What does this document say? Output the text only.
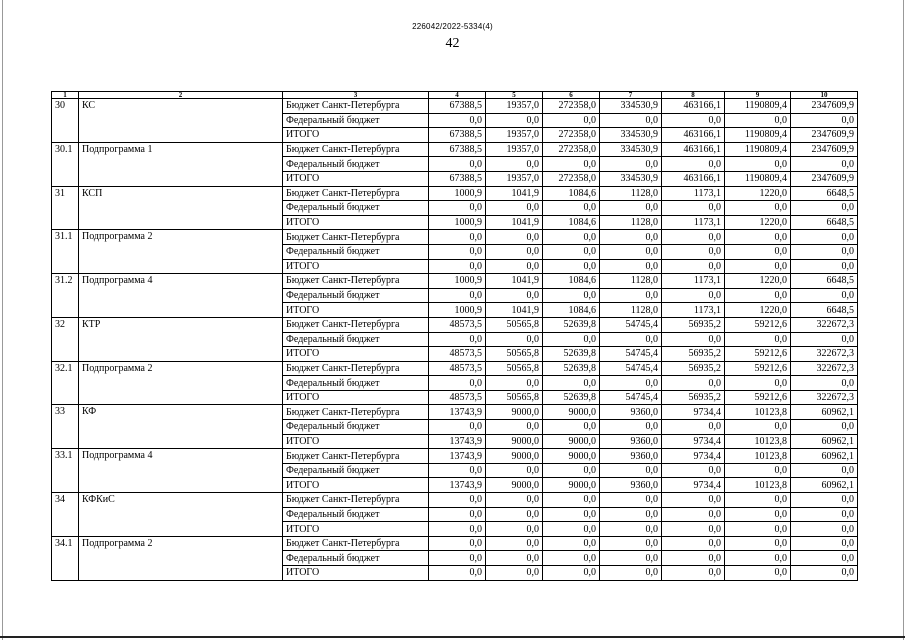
226042/2022-5334(4)
42
1	2	3	4	5	6	7	8	9	10
30	КС	Бюджет Санкт-Петербурга	67388,5	19357,0	272358,0	334530,9	463166,1	1190809,4	2347609,9
		Федеральный бюджет	0,0	0,0	0,0	0,0	0,0	0,0	0,0
		ИТОГО	67388,5	19357,0	272358,0	334530,9	463166,1	1190809,4	2347609,9
30.1	Подпрограмма 1	Бюджет Санкт-Петербурга	67388,5	19357,0	272358,0	334530,9	463166,1	1190809,4	2347609,9
		Федеральный бюджет	0,0	0,0	0,0	0,0	0,0	0,0	0,0
		ИТОГО	67388,5	19357,0	272358,0	334530,9	463166,1	1190809,4	2347609,9
31	КСП	Бюджет Санкт-Петербурга	1000,9	1041,9	1084,6	1128,0	1173,1	1220,0	6648,5
		Федеральный бюджет	0,0	0,0	0,0	0,0	0,0	0,0	0,0
		ИТОГО	1000,9	1041,9	1084,6	1128,0	1173,1	1220,0	6648,5
31.1	Подпрограмма 2	Бюджет Санкт-Петербурга	0,0	0,0	0,0	0,0	0,0	0,0	0,0
		Федеральный бюджет	0,0	0,0	0,0	0,0	0,0	0,0	0,0
		ИТОГО	0,0	0,0	0,0	0,0	0,0	0,0	0,0
31.2	Подпрограмма 4	Бюджет Санкт-Петербурга	1000,9	1041,9	1084,6	1128,0	1173,1	1220,0	6648,5
		Федеральный бюджет	0,0	0,0	0,0	0,0	0,0	0,0	0,0
		ИТОГО	1000,9	1041,9	1084,6	1128,0	1173,1	1220,0	6648,5
32	КТР	Бюджет Санкт-Петербурга	48573,5	50565,8	52639,8	54745,4	56935,2	59212,6	322672,3
		Федеральный бюджет	0,0	0,0	0,0	0,0	0,0	0,0	0,0
		ИТОГО	48573,5	50565,8	52639,8	54745,4	56935,2	59212,6	322672,3
32.1	Подпрограмма 2	Бюджет Санкт-Петербурга	48573,5	50565,8	52639,8	54745,4	56935,2	59212,6	322672,3
		Федеральный бюджет	0,0	0,0	0,0	0,0	0,0	0,0	0,0
		ИТОГО	48573,5	50565,8	52639,8	54745,4	56935,2	59212,6	322672,3
33	КФ	Бюджет Санкт-Петербурга	13743,9	9000,0	9000,0	9360,0	9734,4	10123,8	60962,1
		Федеральный бюджет	0,0	0,0	0,0	0,0	0,0	0,0	0,0
		ИТОГО	13743,9	9000,0	9000,0	9360,0	9734,4	10123,8	60962,1
33.1	Подпрограмма 4	Бюджет Санкт-Петербурга	13743,9	9000,0	9000,0	9360,0	9734,4	10123,8	60962,1
		Федеральный бюджет	0,0	0,0	0,0	0,0	0,0	0,0	0,0
		ИТОГО	13743,9	9000,0	9000,0	9360,0	9734,4	10123,8	60962,1
34	КФКиС	Бюджет Санкт-Петербурга	0,0	0,0	0,0	0,0	0,0	0,0	0,0
		Федеральный бюджет	0,0	0,0	0,0	0,0	0,0	0,0	0,0
		ИТОГО	0,0	0,0	0,0	0,0	0,0	0,0	0,0
34.1	Подпрограмма 2	Бюджет Санкт-Петербурга	0,0	0,0	0,0	0,0	0,0	0,0	0,0
		Федеральный бюджет	0,0	0,0	0,0	0,0	0,0	0,0	0,0
		ИТОГО	0,0	0,0	0,0	0,0	0,0	0,0	0,0
